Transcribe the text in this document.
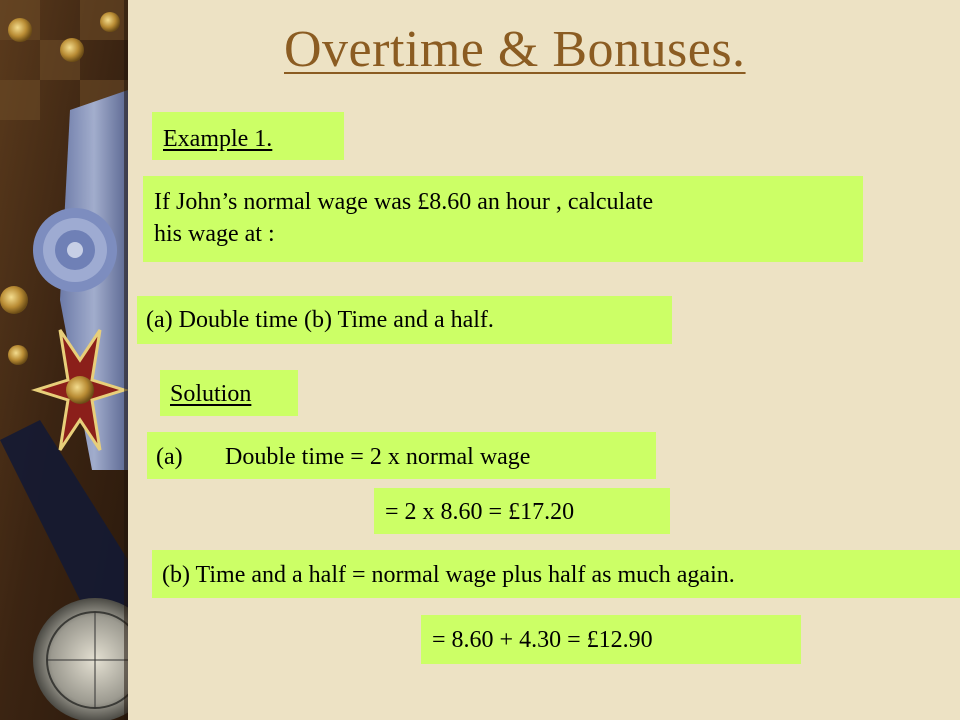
Overtime & Bonuses.
Example 1.
If John’s normal wage was £8.60 an hour , calculate
his wage at :
(a) Double time (b) Time and a half.
Solution
(a) Double time = 2 x normal wage
= 2 x 8.60 = £17.20
(b) Time and a half = normal wage plus half as much again.
= 8.60 + 4.30 = £12.90
